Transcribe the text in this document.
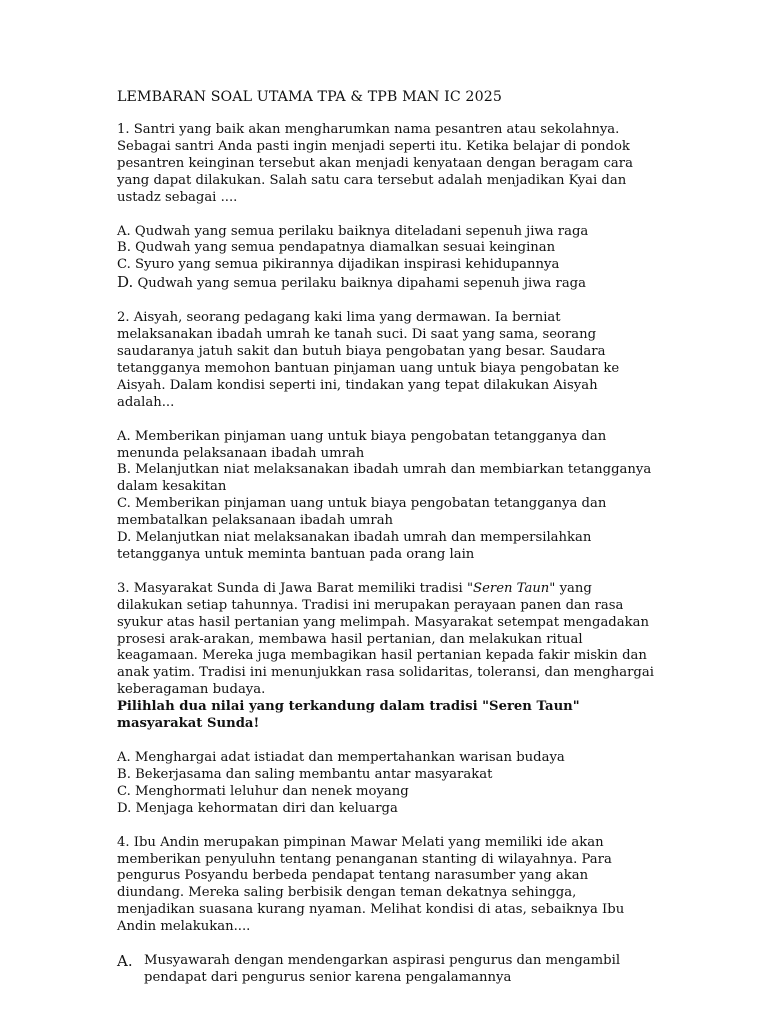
LEMBARAN SOAL UTAMA TPA & TPB MAN IC 2025

1. Santri yang baik akan mengharumkan nama pesantren atau sekolahnya. Sebagai santri Anda pasti ingin menjadi seperti itu. Ketika belajar di pondok pesantren keinginan tersebut akan menjadi kenyataan dengan beragam cara yang dapat dilakukan. Salah satu cara tersebut adalah menjadikan Kyai dan ustadz sebagai ....

A. Qudwah yang semua perilaku baiknya diteladani sepenuh jiwa raga

B. Qudwah yang semua pendapatnya diamalkan sesuai keinginan

C. Syuro yang semua pikirannya dijadikan inspirasi kehidupannya

D. Qudwah yang semua perilaku baiknya dipahami sepenuh jiwa raga

2. Aisyah, seorang pedagang kaki lima yang dermawan. Ia berniat melaksanakan ibadah umrah ke tanah suci. Di saat yang sama, seorang saudaranya jatuh sakit dan butuh biaya pengobatan yang besar. Saudara tetangganya memohon bantuan pinjaman uang untuk biaya pengobatan ke Aisyah. Dalam kondisi seperti ini, tindakan yang tepat dilakukan Aisyah adalah...

A. Memberikan pinjaman uang untuk biaya pengobatan tetangganya dan menunda pelaksanaan ibadah umrah

B. Melanjutkan niat melaksanakan ibadah umrah dan membiarkan tetangganya dalam kesakitan

C. Memberikan pinjaman uang untuk biaya pengobatan tetangganya dan membatalkan pelaksanaan ibadah umrah

D. Melanjutkan niat melaksanakan ibadah umrah dan mempersilahkan tetangganya untuk meminta bantuan pada orang lain

3. Masyarakat Sunda di Jawa Barat memiliki tradisi "Seren Taun" yang dilakukan setiap tahunnya. Tradisi ini merupakan perayaan panen dan rasa syukur atas hasil pertanian yang melimpah. Masyarakat setempat mengadakan prosesi arak-arakan, membawa hasil pertanian, dan melakukan ritual keagamaan. Mereka juga membagikan hasil pertanian kepada fakir miskin dan anak yatim. Tradisi ini menunjukkan rasa solidaritas, toleransi, dan menghargai keberagaman budaya.

Pilihlah dua nilai yang terkandung dalam tradisi "Seren Taun" masyarakat Sunda!

A. Menghargai adat istiadat dan mempertahankan warisan budaya

B. Bekerjasama dan saling membantu antar masyarakat

C. Menghormati leluhur dan nenek moyang

D. Menjaga kehormatan diri dan keluarga

4. Ibu Andin merupakan pimpinan Mawar Melati yang memiliki ide akan memberikan penyuluhn tentang penanganan stanting di wilayahnya. Para pengurus Posyandu berbeda pendapat tentang narasumber yang akan diundang. Mereka saling berbisik dengan teman dekatnya sehingga, menjadikan suasana kurang nyaman. Melihat kondisi di atas, sebaiknya Ibu Andin melakukan....

A. Musyawarah dengan mendengarkan aspirasi pengurus dan mengambil pendapat dari pengurus senior karena pengalamannya
